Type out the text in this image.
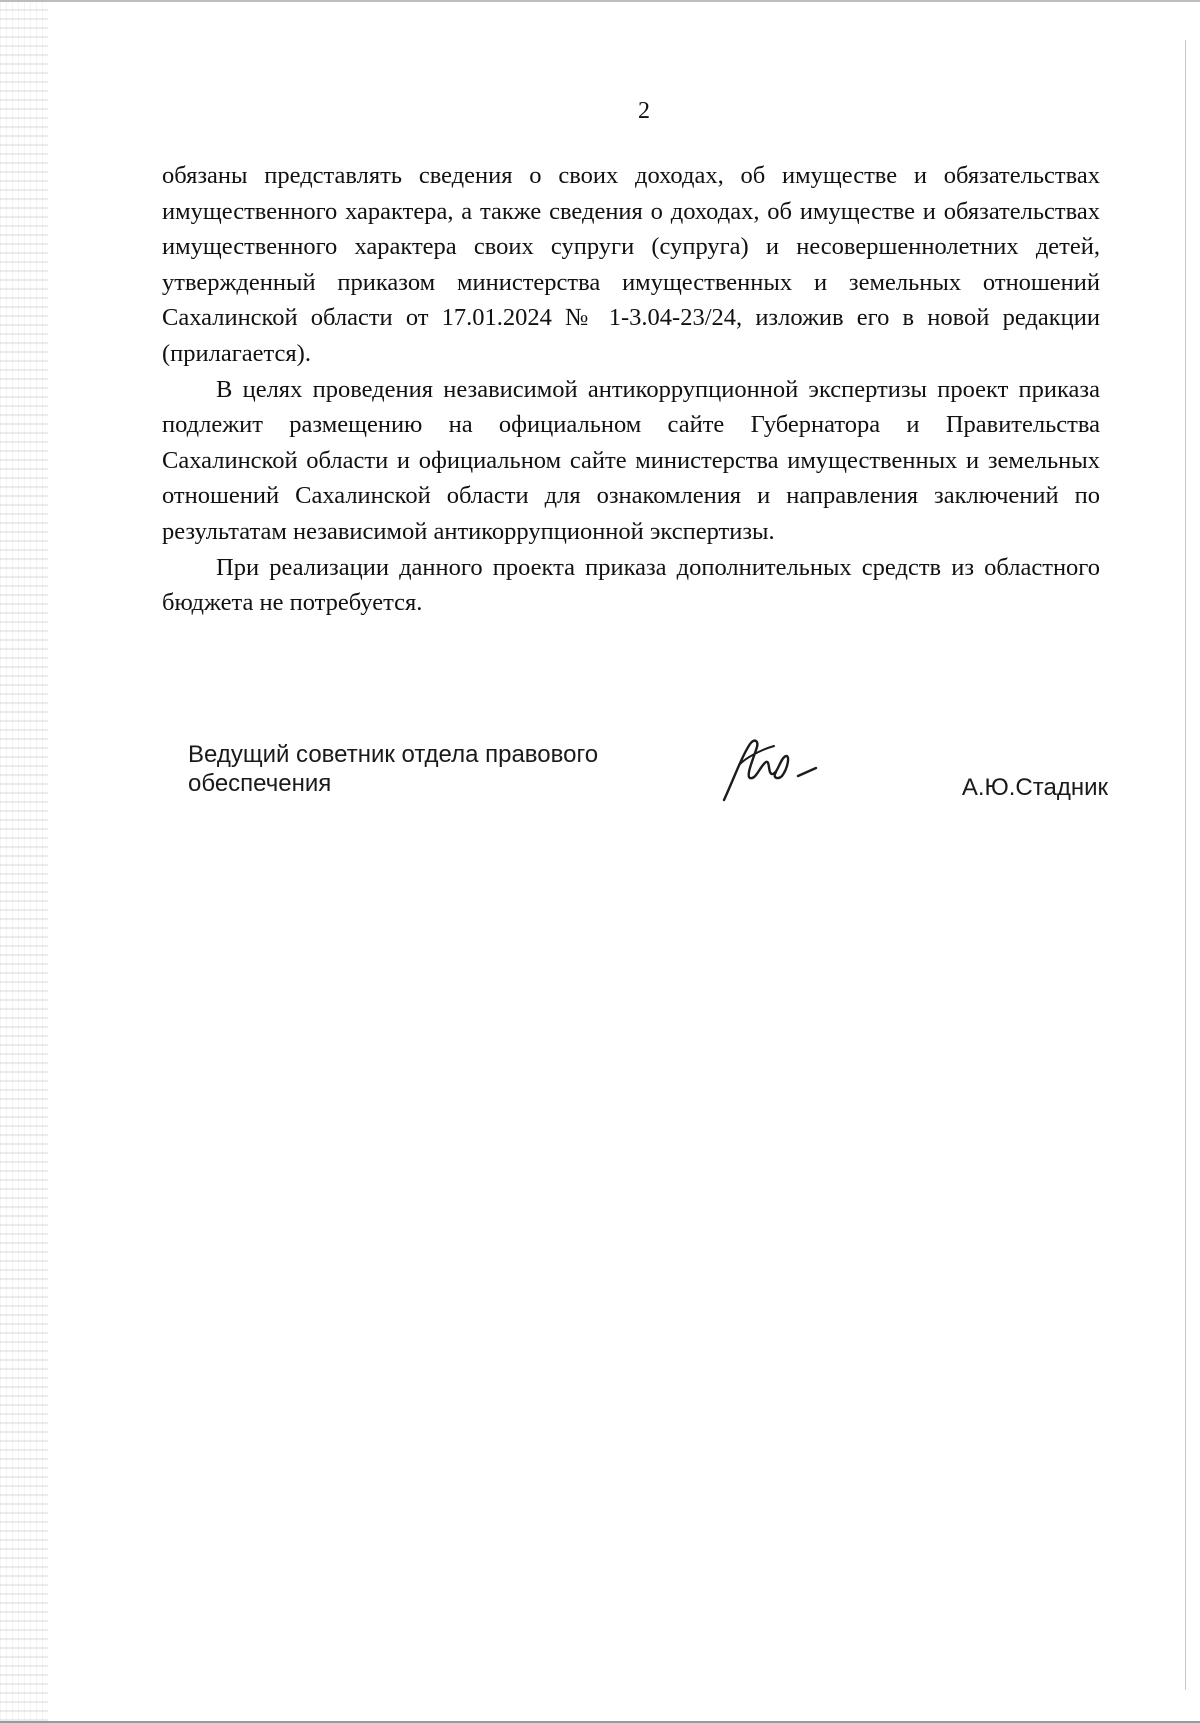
2

обязаны представлять сведения о своих доходах, об имуществе и обязательствах имущественного характера, а также сведения о доходах, об имуществе и обязательствах имущественного характера своих супруги (супруга) и несовершеннолетних детей, утвержденный приказом министерства имущественных и земельных отношений Сахалинской области от 17.01.2024 № 1-3.04-23/24, изложив его в новой редакции (прилагается).

В целях проведения независимой антикоррупционной экспертизы проект приказа подлежит размещению на официальном сайте Губернатора и Правительства Сахалинской области и официальном сайте министерства имущественных и земельных отношений Сахалинской области для ознакомления и направления заключений по результатам независимой антикоррупционной экспертизы.

При реализации данного проекта приказа дополнительных средств из областного бюджета не потребуется.

Ведущий советник отдела правового
обеспечения	А.Ю.Стадник
